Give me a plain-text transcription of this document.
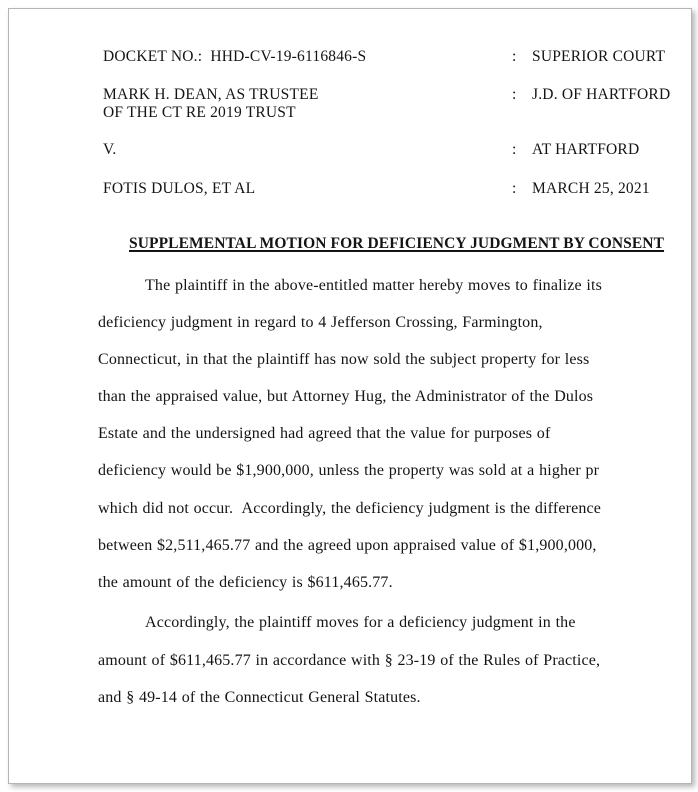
DOCKET NO.:  HHD-CV-19-6116846-S	: SUPERIOR COURT
MARK H. DEAN, AS TRUSTEE
OF THE CT RE 2019 TRUST
: J.D. OF HARTFORD
V.	: AT HARTFORD
FOTIS DULOS, ET AL	: MARCH 25, 2021
SUPPLEMENTAL MOTION FOR DEFICIENCY JUDGMENT BY CONSENT
The plaintiff in the above-entitled matter hereby moves to finalize its
deficiency judgment in regard to 4 Jefferson Crossing, Farmington,
Connecticut, in that the plaintiff has now sold the subject property for less
than the appraised value, but Attorney Hug, the Administrator of the Dulos
Estate and the undersigned had agreed that the value for purposes of
deficiency would be $1,900,000, unless the property was sold at a higher pr
which did not occur.  Accordingly, the deficiency judgment is the difference
between $2,511,465.77 and the agreed upon appraised value of $1,900,000,
the amount of the deficiency is $611,465.77.
Accordingly, the plaintiff moves for a deficiency judgment in the
amount of $611,465.77 in accordance with § 23-19 of the Rules of Practice,
and § 49-14 of the Connecticut General Statutes.
